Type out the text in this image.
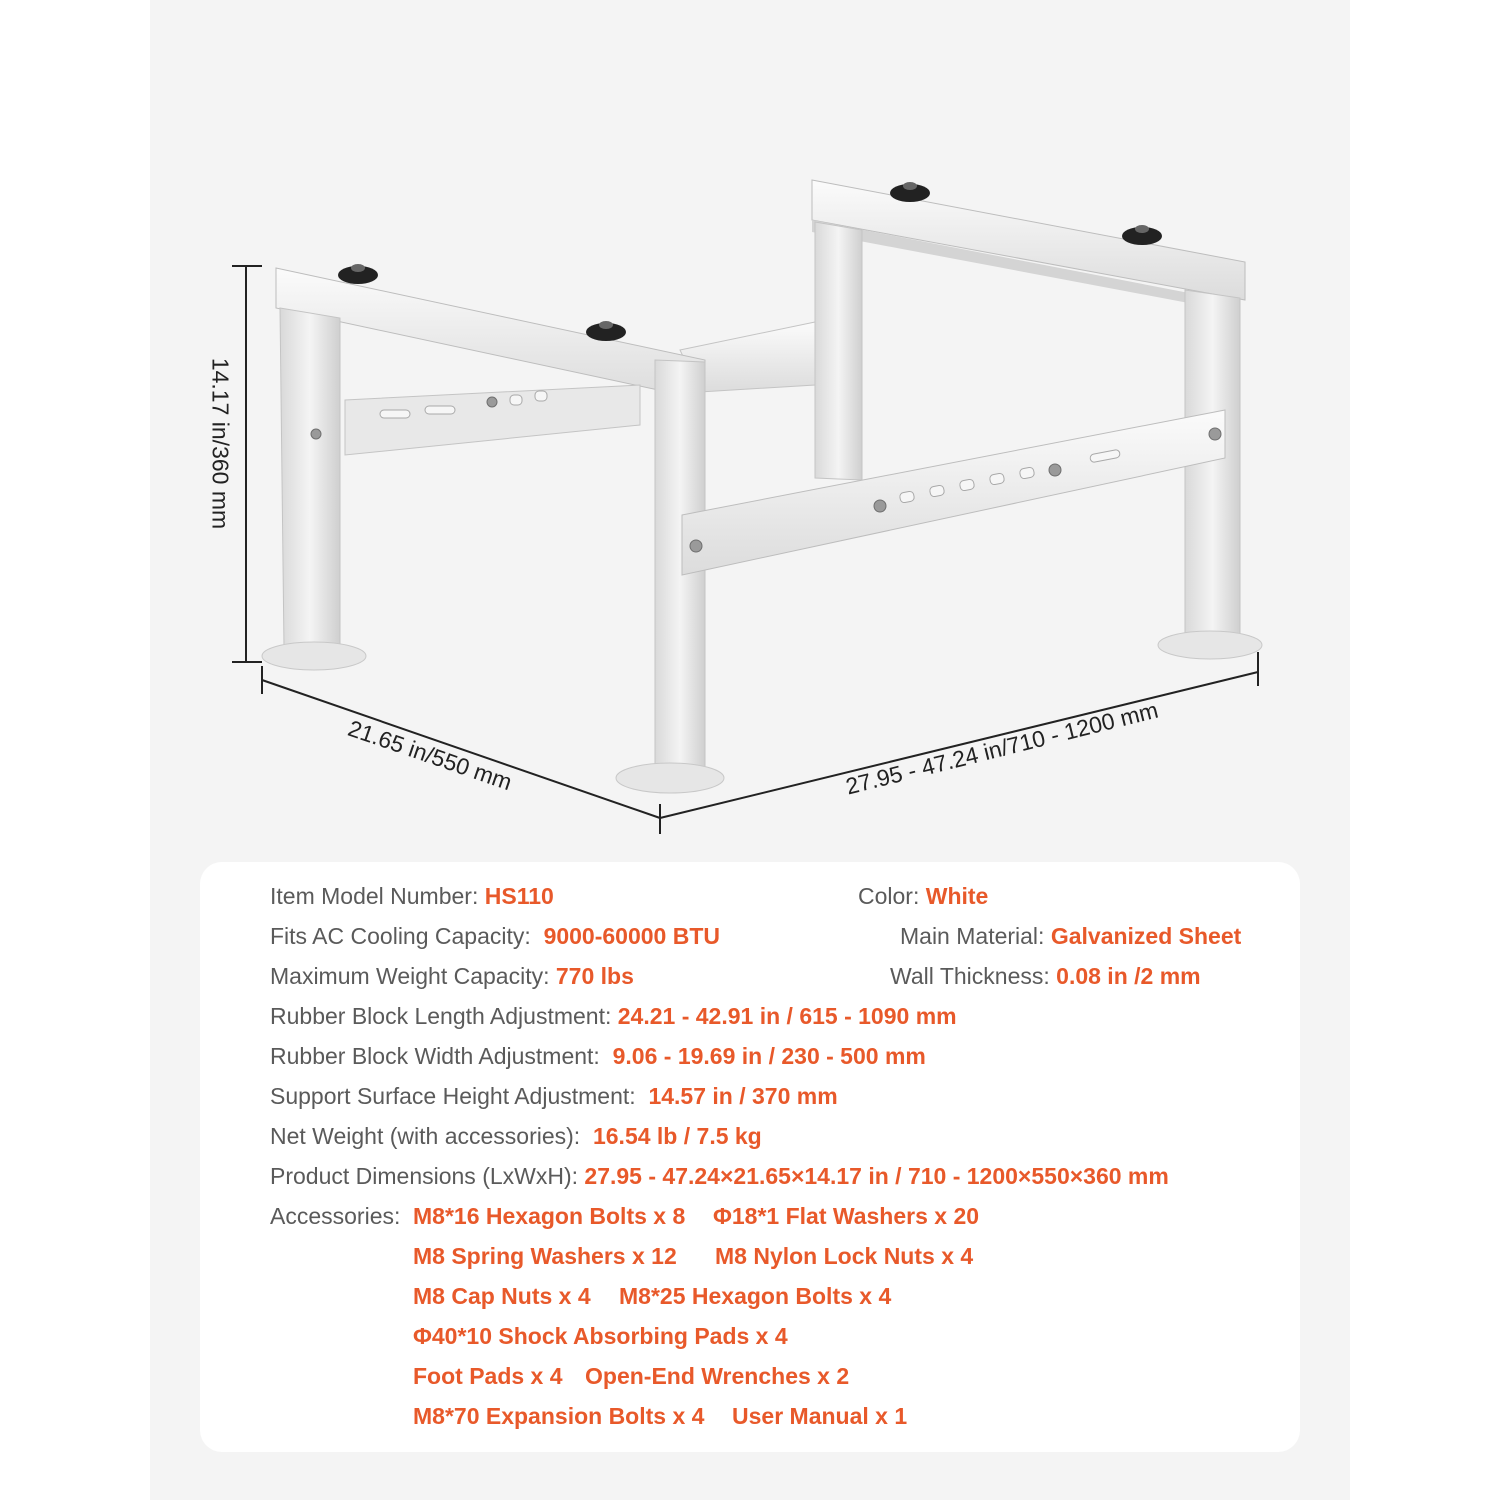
14.17 in/360 mm
21.65 in/550 mm	27.95 - 47.24 in/710 - 1200 mm
Item Model Number: HS110	Color: White
Fits AC Cooling Capacity: 9000-60000 BTU	Main Material: Galvanized Sheet
Maximum Weight Capacity: 770 lbs	Wall Thickness: 0.08 in /2 mm
Rubber Block Length Adjustment: 24.21 - 42.91 in / 615 - 1090 mm
Rubber Block Width Adjustment: 9.06 - 19.69 in / 230 - 500 mm
Support Surface Height Adjustment: 14.57 in / 370 mm
Net Weight (with accessories): 16.54 lb / 7.5 kg
Product Dimensions (LxWxH): 27.95 - 47.24×21.65×14.17 in / 710 - 1200×550×360 mm
Accessories: M8*16 Hexagon Bolts x 8 Φ18*1 Flat Washers x 20
M8 Spring Washers x 12 M8 Nylon Lock Nuts x 4
M8 Cap Nuts x 4 M8*25 Hexagon Bolts x 4
Φ40*10 Shock Absorbing Pads x 4
Foot Pads x 4 Open-End Wrenches x 2
M8*70 Expansion Bolts x 4 User Manual x 1
